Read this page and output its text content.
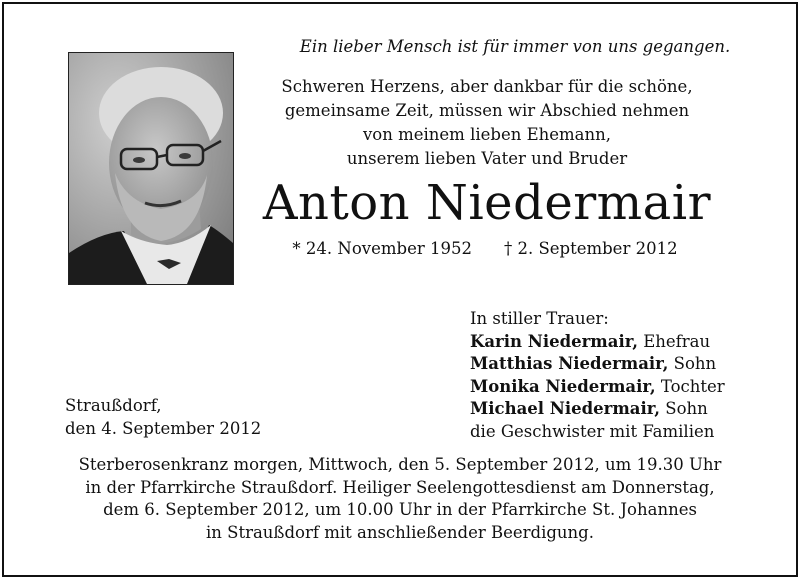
Ein lieber Mensch ist für immer von uns gegangen.
Schweren Herzens, aber dankbar für die schöne,
gemeinsame Zeit, müssen wir Abschied nehmen
von meinem lieben Ehemann,
unserem lieben Vater und Bruder
Anton Niedermair
* 24. November 1952 † 2. September 2012
In stiller Trauer:
Karin Niedermair, Ehefrau
Matthias Niedermair, Sohn
Monika Niedermair, Tochter
Michael Niedermair, Sohn
die Geschwister mit Familien
Straußdorf,
den 4. September 2012
Sterberosenkranz morgen, Mittwoch, den 5. September 2012, um 19.30 Uhr
in der Pfarrkirche Straußdorf. Heiliger Seelengottesdienst am Donnerstag,
dem 6. September 2012, um 10.00 Uhr in der Pfarrkirche St. Johannes
in Straußdorf mit anschließender Beerdigung.
